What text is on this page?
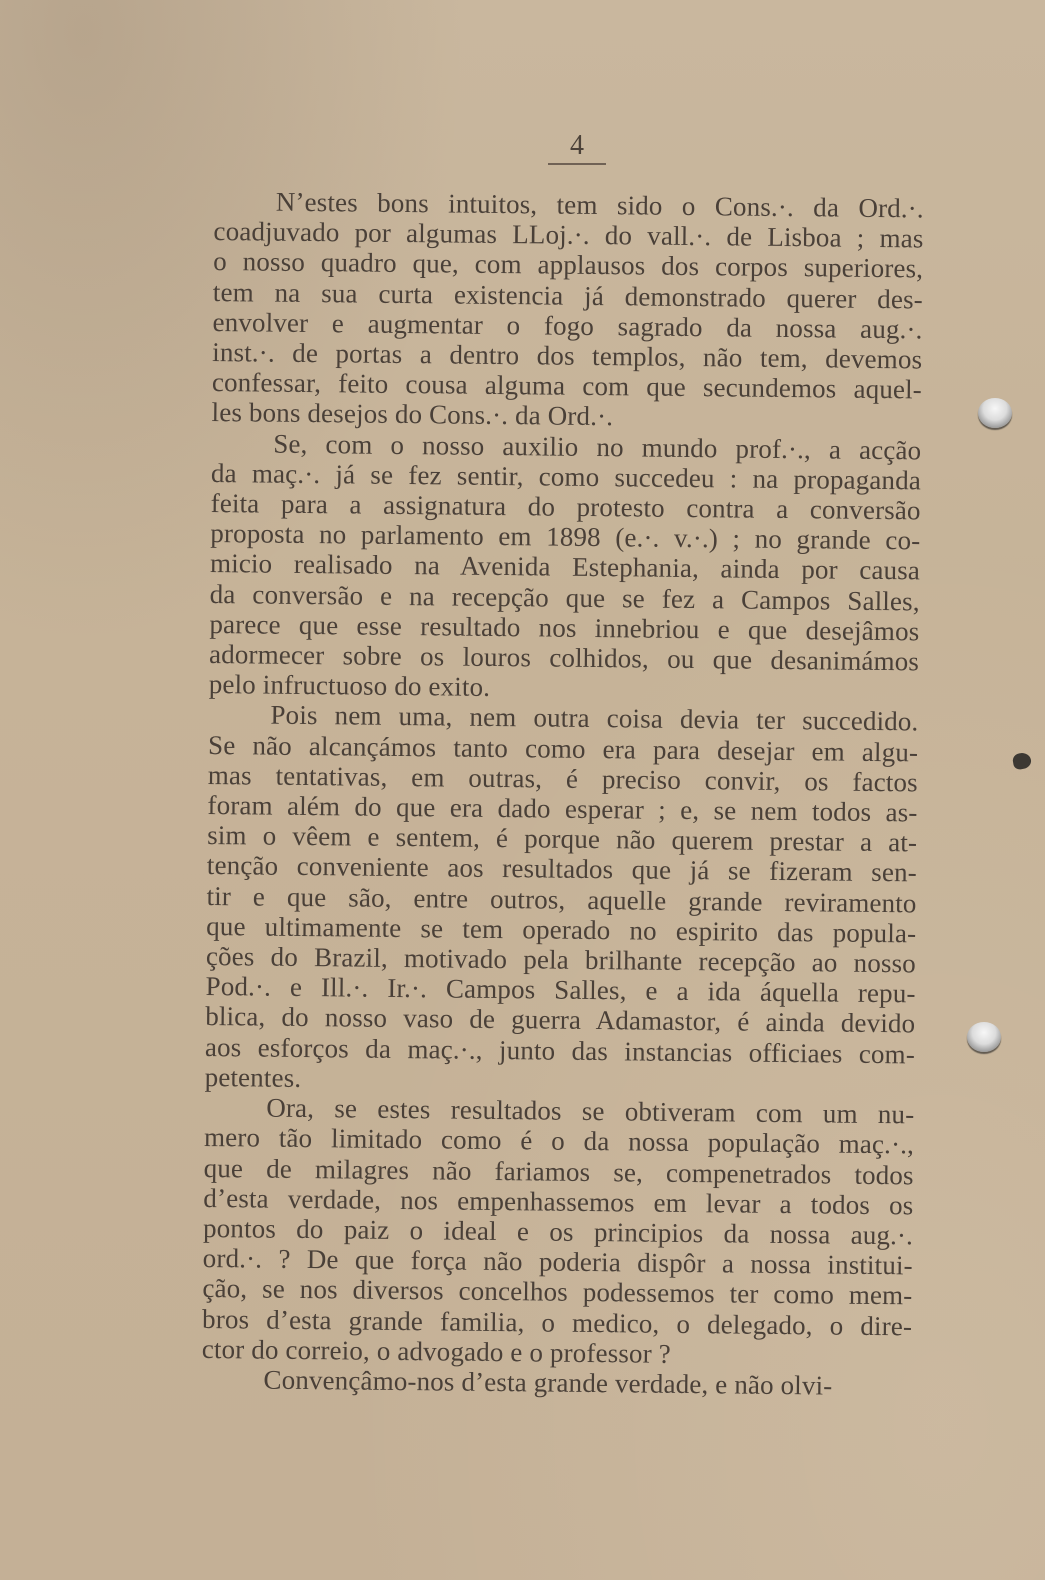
4
N’estes bons intuitos, tem sido o Cons.·. da Ord.·.
coadjuvado por algumas LLoj.·. do vall.·. de Lisboa ; mas
o nosso quadro que, com applausos dos corpos superiores,
tem na sua curta existencia já demonstrado querer des-
envolver e augmentar o fogo sagrado da nossa aug.·.
inst.·. de portas a dentro dos templos, não tem, devemos
confessar, feito cousa alguma com que secundemos aquel-
les bons desejos do Cons.·. da Ord.·.
Se, com o nosso auxilio no mundo prof.·., a acção
da maç.·. já se fez sentir, como succedeu : na propaganda
feita para a assignatura do protesto contra a conversão
proposta no parlamento em 1898 (e.·. v.·.) ; no grande co-
micio realisado na Avenida Estephania, ainda por causa
da conversão e na recepção que se fez a Campos Salles,
parece que esse resultado nos innebriou e que desejâmos
adormecer sobre os louros colhidos, ou que desanimámos
pelo infructuoso do exito.
Pois nem uma, nem outra coisa devia ter succedido.
Se não alcançámos tanto como era para desejar em algu-
mas tentativas, em outras, é preciso convir, os factos
foram além do que era dado esperar ; e, se nem todos as-
sim o vêem e sentem, é porque não querem prestar a at-
tenção conveniente aos resultados que já se fizeram sen-
tir e que são, entre outros, aquelle grande reviramento
que ultimamente se tem operado no espirito das popula-
ções do Brazil, motivado pela brilhante recepção ao nosso
Pod.·. e Ill.·. Ir.·. Campos Salles, e a ida áquella repu-
blica, do nosso vaso de guerra Adamastor, é ainda devido
aos esforços da maç.·., junto das instancias officiaes com-
petentes.
Ora, se estes resultados se obtiveram com um nu-
mero tão limitado como é o da nossa população maç.·.,
que de milagres não fariamos se, compenetrados todos
d’esta verdade, nos empenhassemos em levar a todos os
pontos do paiz o ideal e os principios da nossa aug.·.
ord.·. ? De que força não poderia dispôr a nossa institui-
ção, se nos diversos concelhos podessemos ter como mem-
bros d’esta grande familia, o medico, o delegado, o dire-
ctor do correio, o advogado e o professor ?
Convençâmo-nos d’esta grande verdade, e não olvi-
